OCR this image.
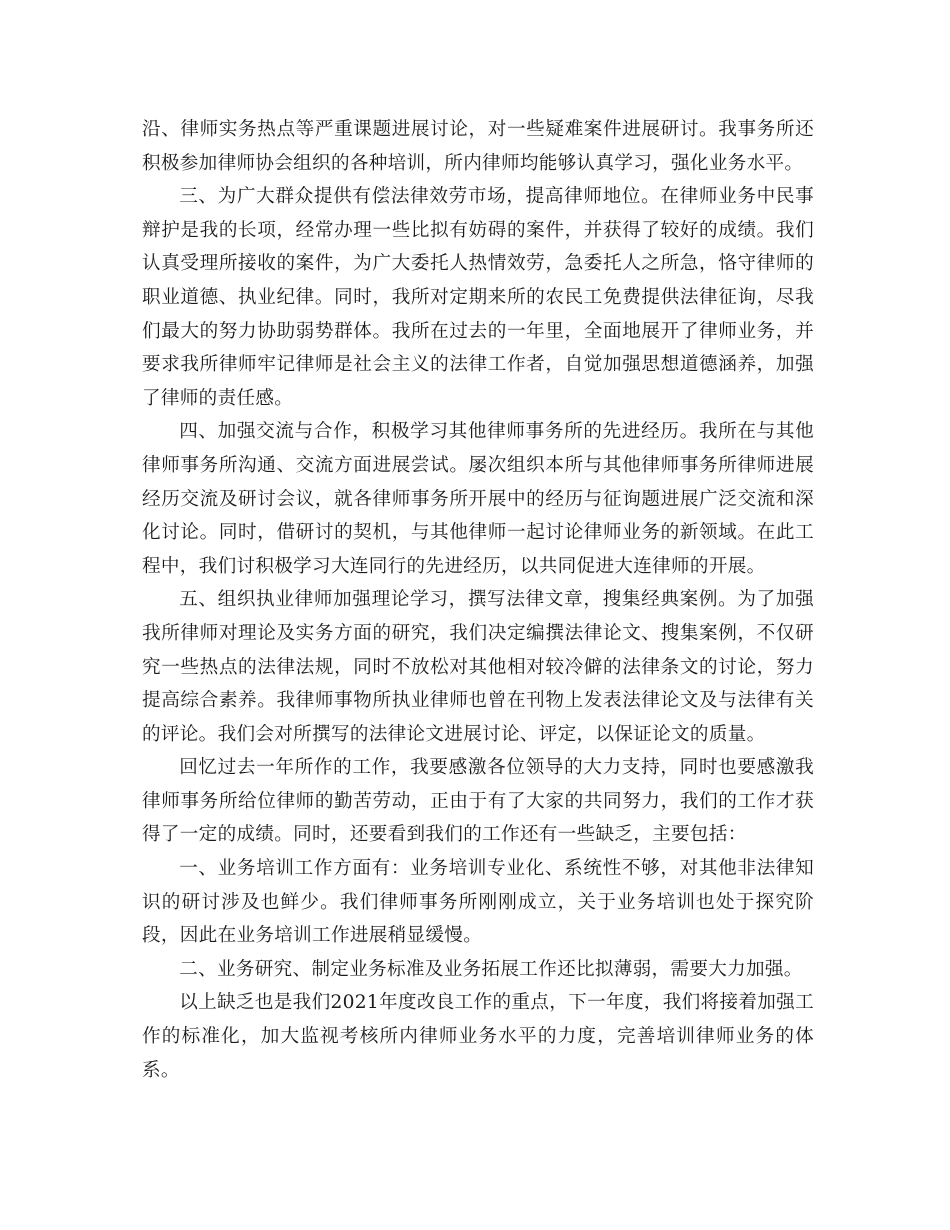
沿、律师实务热点等严重课题进展讨论，对一些疑难案件进展研讨。我事务所还积极参加律师协会组织的各种培训，所内律师均能够认真学习，强化业务水平。

三、为广大群众提供有偿法律效劳市场，提高律师地位。在律师业务中民事辩护是我的长项，经常办理一些比拟有妨碍的案件，并获得了较好的成绩。我们认真受理所接收的案件，为广大委托人热情效劳，急委托人之所急，恪守律师的职业道德、执业纪律。同时，我所对定期来所的农民工免费提供法律征询，尽我们最大的努力协助弱势群体。我所在过去的一年里，全面地展开了律师业务，并要求我所律师牢记律师是社会主义的法律工作者，自觉加强思想道德涵养，加强了律师的责任感。

四、加强交流与合作，积极学习其他律师事务所的先进经历。我所在与其他律师事务所沟通、交流方面进展尝试。屡次组织本所与其他律师事务所律师进展经历交流及研讨会议，就各律师事务所开展中的经历与征询题进展广泛交流和深化讨论。同时，借研讨的契机，与其他律师一起讨论律师业务的新领域。在此工程中，我们讨积极学习大连同行的先进经历，以共同促进大连律师的开展。

五、组织执业律师加强理论学习，撰写法律文章，搜集经典案例。为了加强我所律师对理论及实务方面的研究，我们决定编撰法律论文、搜集案例，不仅研究一些热点的法律法规，同时不放松对其他相对较冷僻的法律条文的讨论，努力提高综合素养。我律师事物所执业律师也曾在刊物上发表法律论文及与法律有关的评论。我们会对所撰写的法律论文进展讨论、评定，以保证论文的质量。

回忆过去一年所作的工作，我要感激各位领导的大力支持，同时也要感激我律师事务所给位律师的勤苦劳动，正由于有了大家的共同努力，我们的工作才获得了一定的成绩。同时，还要看到我们的工作还有一些缺乏，主要包括：

一、业务培训工作方面有：业务培训专业化、系统性不够，对其他非法律知识的研讨涉及也鲜少。我们律师事务所刚刚成立，关于业务培训也处于探究阶段，因此在业务培训工作进展稍显缓慢。

二、业务研究、制定业务标准及业务拓展工作还比拟薄弱，需要大力加强。

以上缺乏也是我们2021年度改良工作的重点，下一年度，我们将接着加强工作的标准化，加大监视考核所内律师业务水平的力度，完善培训律师业务的体系。
